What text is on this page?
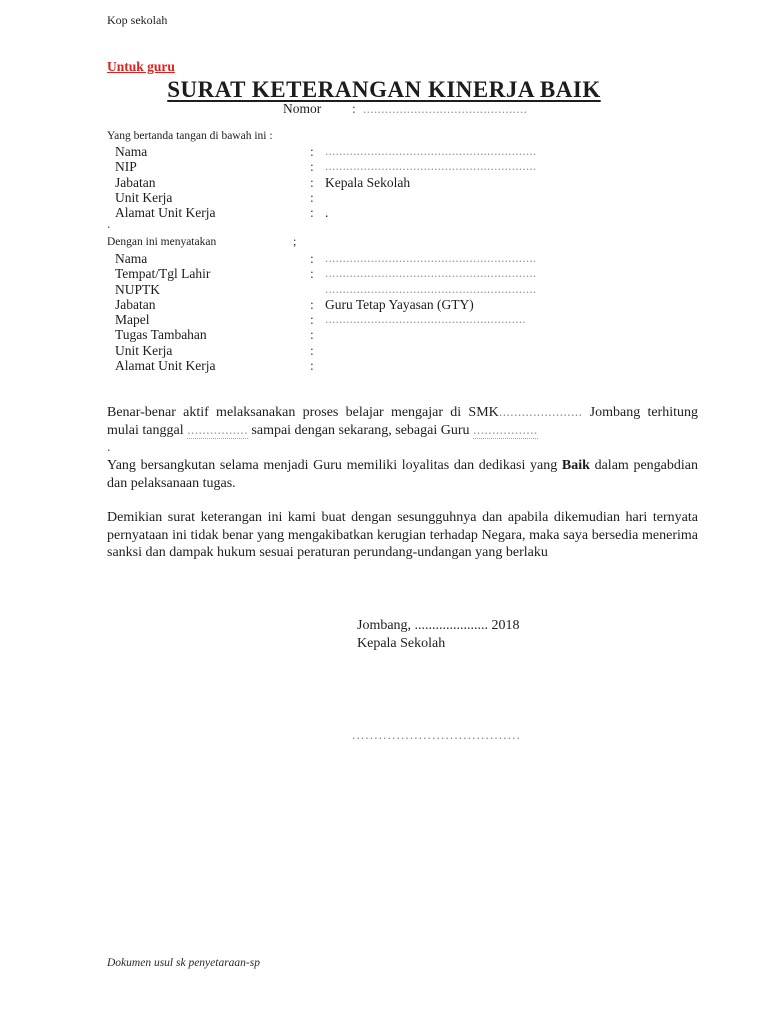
Kop sekolah
Untuk guru
SURAT KETERANGAN KINERJA BAIK
Nomor : .............................................
Yang bertanda tangan di bawah ini :
Nama	: ............................................................
NIP	: ............................................................
Jabatan	: Kepala Sekolah
Unit Kerja	:
Alamat Unit Kerja	: .
.
Dengan ini menyatakan	;
Nama	: ............................................................
Tempat/Tgl Lahir	: ............................................................
NUPTK	............................................................
Jabatan	: Guru Tetap Yayasan (GTY)
Mapel	: .........................................................
Tugas Tambahan	:
Unit Kerja	:
Alamat Unit Kerja	:
Benar-benar aktif melaksanakan proses belajar mengajar di SMK...................... Jombang terhitung mulai tanggal ................ sampai dengan sekarang, sebagai Guru .................
.
Yang bersangkutan selama menjadi Guru memiliki loyalitas dan dedikasi yang Baik dalam pengabdian dan pelaksanaan tugas.
Demikian surat keterangan ini kami buat dengan sesungguhnya dan apabila dikemudian hari ternyata pernyataan ini tidak benar yang mengakibatkan kerugian terhadap Negara, maka saya bersedia menerima sanksi dan dampak hukum sesuai peraturan perundang-undangan yang berlaku
Jombang, ..................... 2018
Kepala Sekolah
......................................
Dokumen usul sk penyetaraan-sp
